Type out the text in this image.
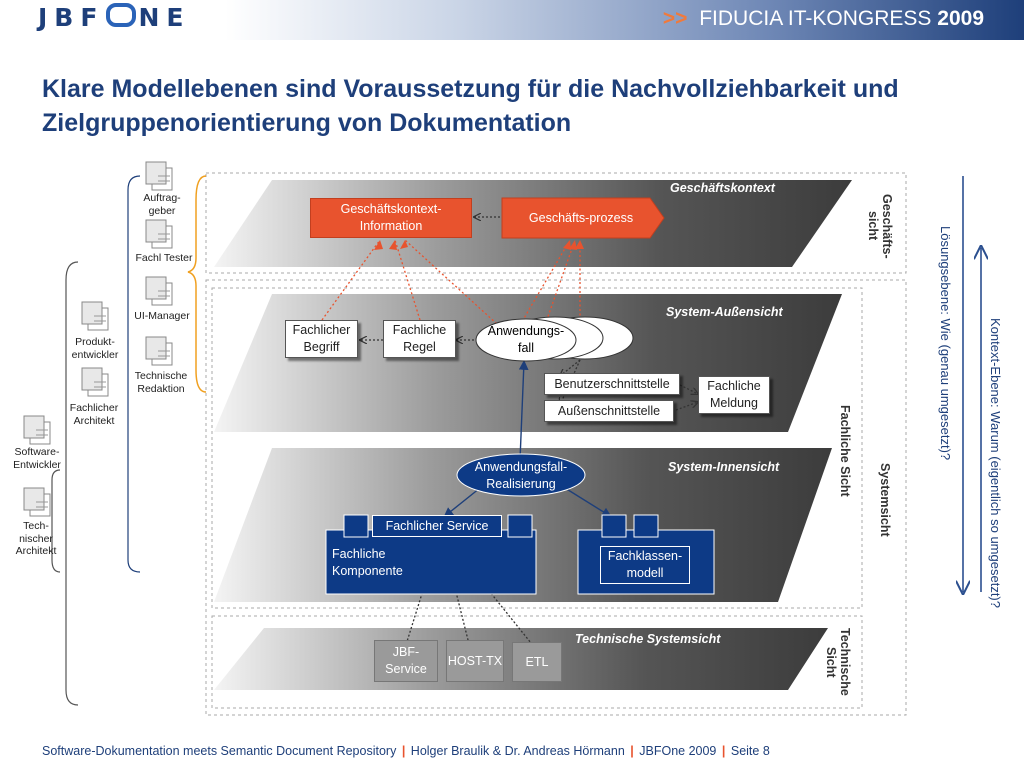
JBF NE	>> FIDUCIA IT-KONGRESS 2009
Klare Modellebenen sind Voraussetzung für die Nachvollziehbarkeit und Zielgruppenorientierung von Dokumentation
Geschäftskontext
System-Außensicht
System-Innensicht
Technische Systemsicht
Geschäftskontext-Information
Geschäfts-prozess
Fachlicher Begriff
Fachliche Regel
Anwendungs-fall
Benutzerschnittstelle
Außenschnittstelle
Fachliche Meldung
Anwendungsfall-Realisierung
Fachlicher Service
Fachliche Komponente
Fachklassen-modell
JBF-Service
HOST-TX	ETL
Geschäfts-sicht
Fachliche Sicht
Systemsicht
Technische Sicht
Lösungsebene: Wie (genau umgesetzt)?	Kontext-Ebene: Warum (eigentlich so umgesetzt)?
Auftrag-geber
Fachl Tester
UI-Manager
Technische Redaktion
Produkt-entwickler
Fachlicher Architekt
Software-Entwickler
Tech-nischer Architekt
Software-Dokumentation meets Semantic Document Repository | Holger Braulik & Dr. Andreas Hörmann | JBFOne 2009 | Seite 8
